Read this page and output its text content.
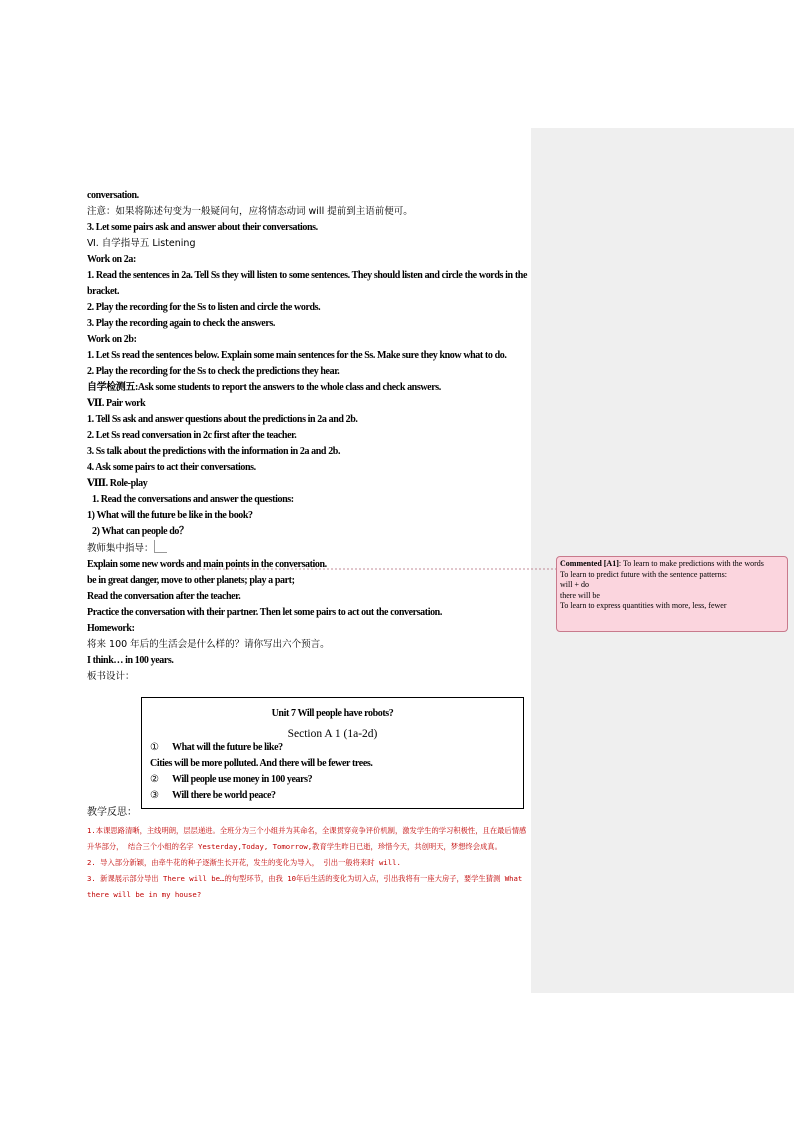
conversation.
注意：如果将陈述句变为一般疑问句，应将情态动词 will 提前到主语前便可。
3. Let some pairs ask and answer about their conversations.
Ⅵ. 自学指导五 Listening
Work on 2a:
1. Read the sentences in 2a. Tell Ss they will listen to some sentences. They should listen and circle the words in the bracket.
2. Play the recording for the Ss to listen and circle the words.
3. Play the recording again to check the answers.
Work on 2b:
1. Let Ss read the sentences below. Explain some main sentences for the Ss. Make sure they know what to do.
2. Play the recording for the Ss to check the predictions they hear.
自学检测五:Ask some students to report the answers to the whole class and check answers.
Ⅶ. Pair work
1. Tell Ss ask and answer questions about the predictions in 2a and 2b.
2. Let Ss read conversation in 2c first after the teacher.
3. Ss talk about the predictions with the information in 2a and 2b.
4. Ask some pairs to act their conversations.
Ⅷ. Role-play
1. Read the conversations and answer the questions:
1) What will the future be like in the book?
2) What can people do？
教师集中指导：
Explain some new words and main points in the conversation.
be in great danger, move to other planets; play a part;
Read the conversation after the teacher.
Practice the conversation with their partner. Then let some pairs to act out the conversation.
Homework:
将来 100 年后的生活会是什么样的？请你写出六个预言。
I think… in 100 years.
板书设计：
Unit 7 Will people have robots?
Section A 1 (1a-2d)
① What will the future be like?
Cities will be more polluted. And there will be fewer trees.
② Will people use money in 100 years?
③ Will there be world peace?
教学反思：

1.本课思路清晰，主线明朗，层层递进。全班分为三个小组并为其命名，全课贯穿竞争评价机制，激发学生的学习积极性，且在最后情感升华部分， 结合三个小组的名字 Yesterday,Today, Tomorrow,教育学生昨日已逝，珍惜今天，共创明天，梦想终会成真。

2. 导入部分新颖，由牵牛花的种子逐渐生长开花，发生的变化为导入， 引出一般将来时 will.

3. 新课展示部分导出 There will be…的句型环节，由我 10年后生活的变化为切入点，引出我将有一座大房子，要学生猜测 What there will be in my house?

Commented [A1]: To learn to make predictions with the words
To learn to predict future with the sentence patterns:
will + do
there will be
To learn to express quantities with more, less, fewer
